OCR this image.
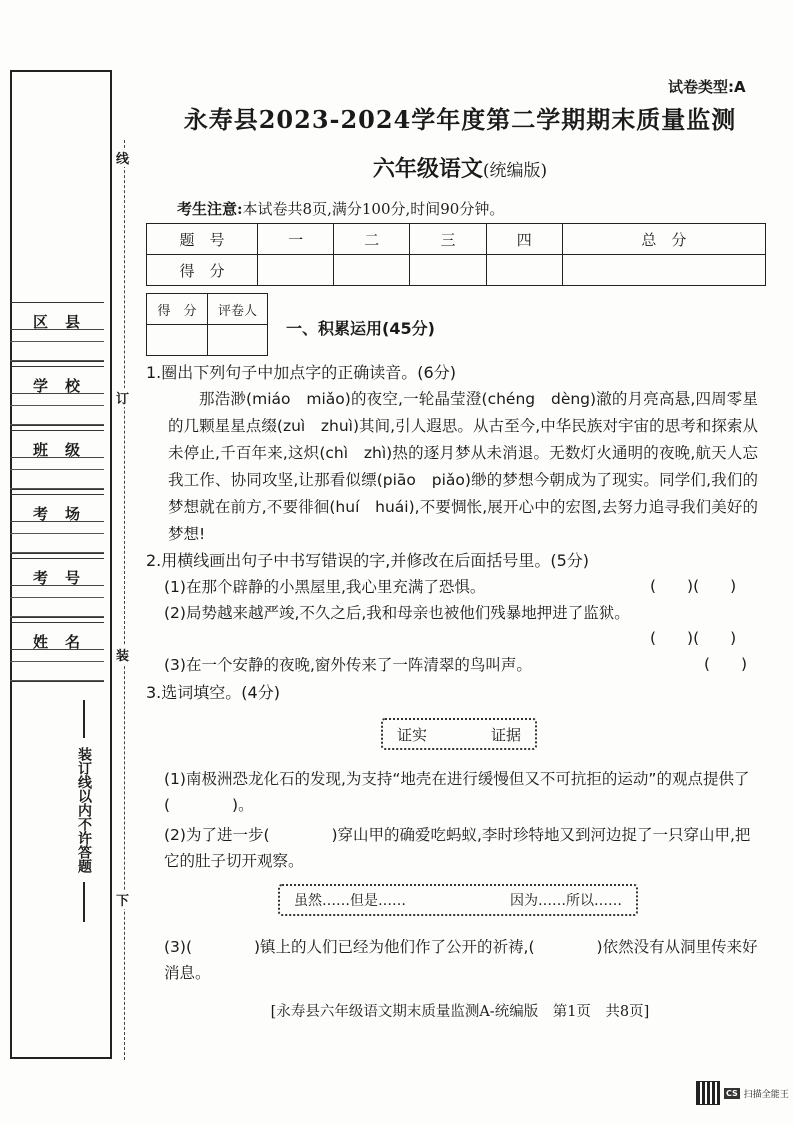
区　县
学　校
班　级
考　场
考　号
姓　名
线
订
装
下
装订线以内不许答题
试卷类型:A
永寿县2023-2024学年度第二学期期末质量监测
六年级语文(统编版)
考生注意:本试卷共8页,满分100分,时间90分钟。
题　号	一	二	三	四	总　分
得　分					
得　分	评卷人

一、积累运用(45分)
1.圈出下列句子中加点字的正确读音。(6分)
那浩渺(miáo　miǎo)的夜空,一轮晶莹澄(chéng　dèng)澈的月亮高悬,四周零星的几颗星星点缀(zuì　zhuì)其间,引人遐思。从古至今,中华民族对宇宙的思考和探索从未停止,千百年来,这炽(chì　zhì)热的逐月梦从未消退。无数灯火通明的夜晚,航天人忘我工作、协同攻坚,让那看似缥(piāo　piǎo)缈的梦想今朝成为了现实。同学们,我们的梦想就在前方,不要徘徊(huí　huái),不要惆怅,展开心中的宏图,去努力追寻我们美好的梦想!
2.用横线画出句子中书写错误的字,并修改在后面括号里。(5分)
(1)在那个辟静的小黑屋里,我心里充满了恐惧。	(　　)(　　)
(2)局势越来越严竣,不久之后,我和母亲也被他们残暴地押进了监狱。
(　　)(　　)
(3)在一个安静的夜晚,窗外传来了一阵清翠的鸟叫声。	(　　)
3.选词填空。(4分)
证实	证据
(1)南极洲恐龙化石的发现,为支持“地壳在进行缓慢但又不可抗拒的运动”的观点提供了(　　　　)。
(2)为了进一步(　　　　)穿山甲的确爱吃蚂蚁,李时珍特地又到河边捉了一只穿山甲,把它的肚子切开观察。
虽然……但是……	因为……所以……
(3)(　　　　)镇上的人们已经为他们作了公开的祈祷,(　　　　)依然没有从洞里传来好消息。
[永寿县六年级语文期末质量监测A-统编版　第1页　共8页]
CS 扫描全能王
